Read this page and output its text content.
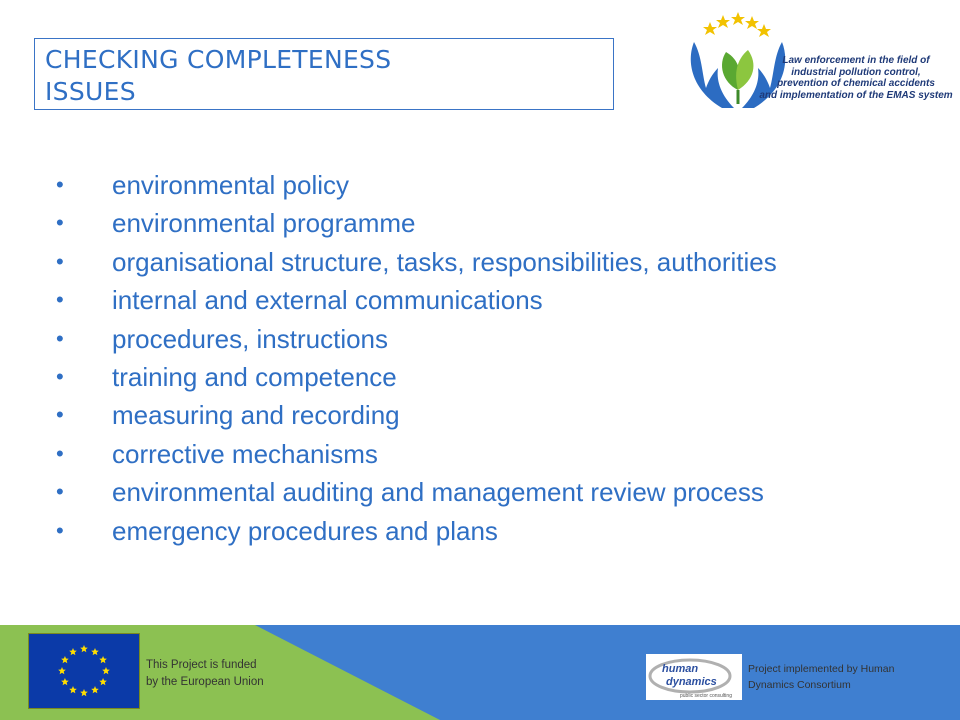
CHECKING COMPLETENESS
ISSUES
Law enforcement in the field of
industrial pollution control,
prevention of chemical accidents
and implementation of the EMAS system
• environmental policy
• environmental programme
• organisational structure, tasks, responsibilities, authorities
• internal and external communications
• procedures, instructions
• training and competence
• measuring and recording
• corrective mechanisms
• environmental auditing and management review process
• emergency procedures and plans
This Project is funded
by the European Union
human
dynamics
public sector consulting
Project implemented by Human
Dynamics Consortium
